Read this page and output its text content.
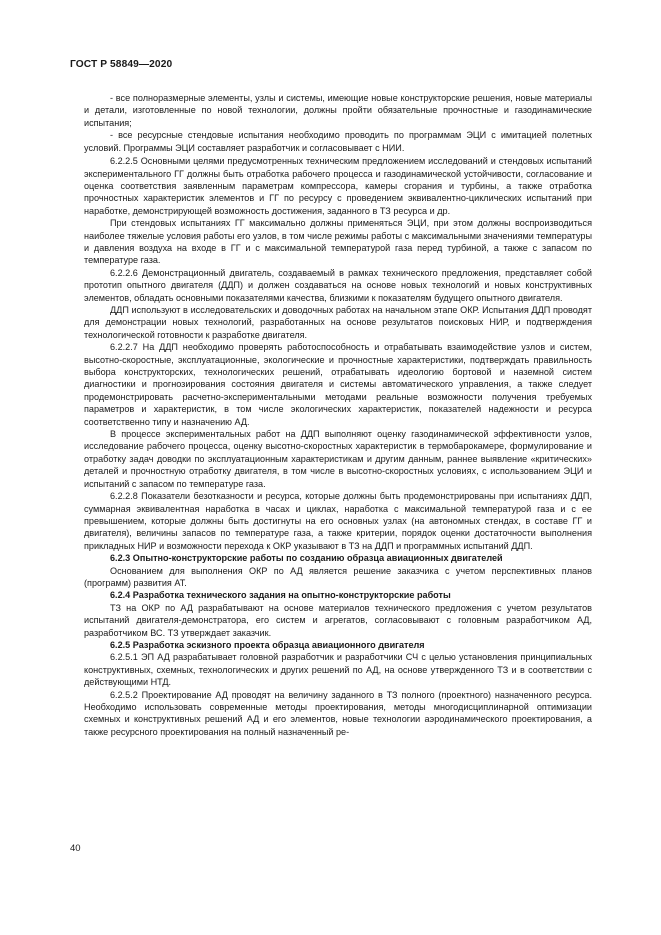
ГОСТ Р 58849—2020

- все полноразмерные элементы, узлы и системы, имеющие новые конструкторские решения, новые материалы и детали, изготовленные по новой технологии, должны пройти обязательные прочностные и газодинамические испытания;

- все ресурсные стендовые испытания необходимо проводить по программам ЭЦИ с имитацией полетных условий. Программы ЭЦИ составляет разработчик и согласовывает с НИИ.

6.2.2.5 Основными целями предусмотренных техническим предложением исследований и стендовых испытаний экспериментального ГГ должны быть отработка рабочего процесса и газодинамической устойчивости, согласование и оценка соответствия заявленным параметрам компрессора, камеры сгорания и турбины, а также отработка прочностных характеристик элементов и ГГ по ресурсу с проведением эквивалентно-циклических испытаний при наработке, демонстрирующей возможность достижения, заданного в ТЗ ресурса и др.

При стендовых испытаниях ГГ максимально должны применяться ЭЦИ, при этом должны воспроизводиться наиболее тяжелые условия работы его узлов, в том числе режимы работы с максимальными значениями температуры и давления воздуха на входе в ГГ и с максимальной температурой газа перед турбиной, а также с запасом по температуре газа.

6.2.2.6 Демонстрационный двигатель, создаваемый в рамках технического предложения, представляет собой прототип опытного двигателя (ДДП) и должен создаваться на основе новых технологий и новых конструктивных элементов, обладать основными показателями качества, близкими к показателям будущего опытного двигателя.

ДДП используют в исследовательских и доводочных работах на начальном этапе ОКР. Испытания ДДП проводят для демонстрации новых технологий, разработанных на основе результатов поисковых НИР, и подтверждения технологической готовности к разработке двигателя.

6.2.2.7 На ДДП необходимо проверять работоспособность и отрабатывать взаимодействие узлов и систем, высотно-скоростные, эксплуатационные, экологические и прочностные характеристики, подтверждать правильность выбора конструкторских, технологических решений, отрабатывать идеологию бортовой и наземной систем диагностики и прогнозирования состояния двигателя и системы автоматического управления, а также следует продемонстрировать расчетно-экспериментальными методами реальные возможности получения требуемых параметров и характеристик, в том числе экологических характеристик, показателей надежности и ресурса соответственно типу и назначению АД.

В процессе экспериментальных работ на ДДП выполняют оценку газодинамической эффективности узлов, исследование рабочего процесса, оценку высотно-скоростных характеристик в термобарокамере, формулирование и отработку задач доводки по эксплуатационным характеристикам и другим данным, раннее выявление «критических» деталей и прочностную отработку двигателя, в том числе в высотно-скоростных условиях, с использованием ЭЦИ и испытаний с запасом по температуре газа.

6.2.2.8 Показатели безотказности и ресурса, которые должны быть продемонстрированы при испытаниях ДДП, суммарная эквивалентная наработка в часах и циклах, наработка с максимальной температурой газа и с ее превышением, которые должны быть достигнуты на его основных узлах (на автономных стендах, в составе ГГ и двигателя), величины запасов по температуре газа, а также критерии, порядок оценки достаточности выполнения прикладных НИР и возможности перехода к ОКР указывают в ТЗ на ДДП и программных испытаний ДДП.

6.2.3 Опытно-конструкторские работы по созданию образца авиационных двигателей

Основанием для выполнения ОКР по АД является решение заказчика с учетом перспективных планов (программ) развития АТ.

6.2.4 Разработка технического задания на опытно-конструкторские работы

ТЗ на ОКР по АД разрабатывают на основе материалов технического предложения с учетом результатов испытаний двигателя-демонстратора, его систем и агрегатов, согласовывают с головным разработчиком АД, разработчиком ВС. ТЗ утверждает заказчик.

6.2.5 Разработка эскизного проекта образца авиационного двигателя

6.2.5.1 ЭП АД разрабатывает головной разработчик и разработчики СЧ с целью установления принципиальных конструктивных, схемных, технологических и других решений по АД, на основе утвержденного ТЗ и в соответствии с действующими НТД.

6.2.5.2 Проектирование АД проводят на величину заданного в ТЗ полного (проектного) назначенного ресурса. Необходимо использовать современные методы проектирования, методы многодисциплинарной оптимизации схемных и конструктивных решений АД и его элементов, новые технологии аэродинамического проектирования, а также ресурсного проектирования на полный назначенный ре-

40
